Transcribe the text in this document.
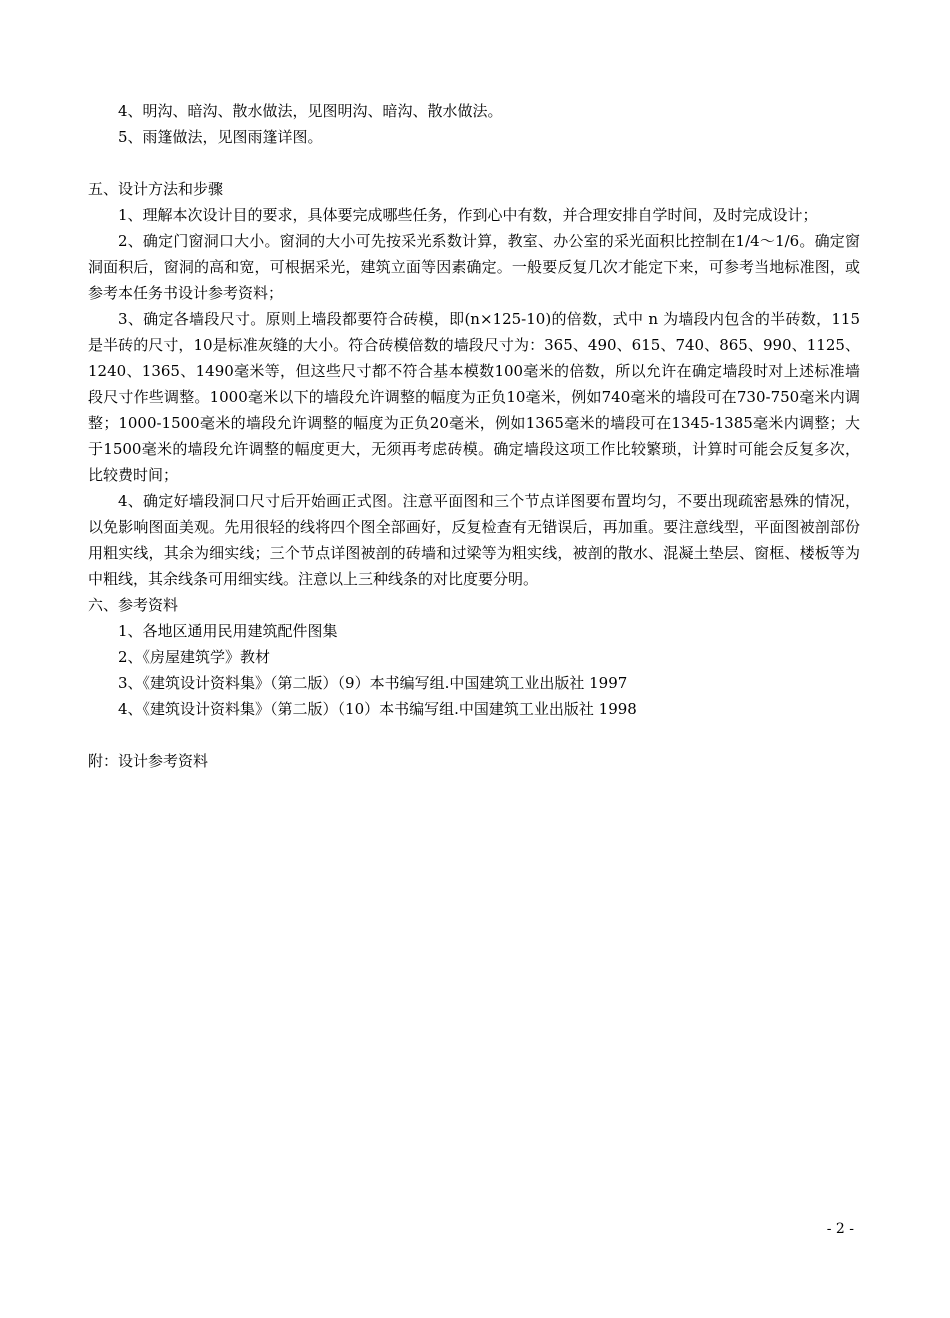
4、明沟、暗沟、散水做法，见图明沟、暗沟、散水做法。

5、雨篷做法，见图雨篷详图。

五、设计方法和步骤

1、理解本次设计目的要求，具体要完成哪些任务，作到心中有数，并合理安排自学时间，及时完成设计；

2、确定门窗洞口大小。窗洞的大小可先按采光系数计算，教室、办公室的采光面积比控制在1/4～1/6。确定窗洞面积后，窗洞的高和宽，可根据采光，建筑立面等因素确定。一般要反复几次才能定下来，可参考当地标准图，或参考本任务书设计参考资料；

3、确定各墙段尺寸。原则上墙段都要符合砖模，即(n×125-10)的倍数，式中 n 为墙段内包含的半砖数，115是半砖的尺寸，10是标准灰缝的大小。符合砖模倍数的墙段尺寸为：365、490、615、740、865、990、1125、1240、1365、1490毫米等，但这些尺寸都不符合基本模数100毫米的倍数，所以允许在确定墙段时对上述标准墙段尺寸作些调整。1000毫米以下的墙段允许调整的幅度为正负10毫米，例如740毫米的墙段可在730-750毫米内调整；1000-1500毫米的墙段允许调整的幅度为正负20毫米，例如1365毫米的墙段可在1345-1385毫米内调整；大于1500毫米的墙段允许调整的幅度更大，无须再考虑砖模。确定墙段这项工作比较繁琐，计算时可能会反复多次，比较费时间；

4、确定好墙段洞口尺寸后开始画正式图。注意平面图和三个节点详图要布置均匀，不要出现疏密悬殊的情况，以免影响图面美观。先用很轻的线将四个图全部画好，反复检查有无错误后，再加重。要注意线型，平面图被剖部份用粗实线，其余为细实线；三个节点详图被剖的砖墙和过梁等为粗实线，被剖的散水、混凝土垫层、窗框、楼板等为中粗线，其余线条可用细实线。注意以上三种线条的对比度要分明。

六、参考资料

1、各地区通用民用建筑配件图集

2、《房屋建筑学》教材

3、《建筑设计资料集》（第二版）（9）本书编写组.中国建筑工业出版社 1997

4、《建筑设计资料集》（第二版）（10）本书编写组.中国建筑工业出版社 1998

附：设计参考资料

- 2 -
